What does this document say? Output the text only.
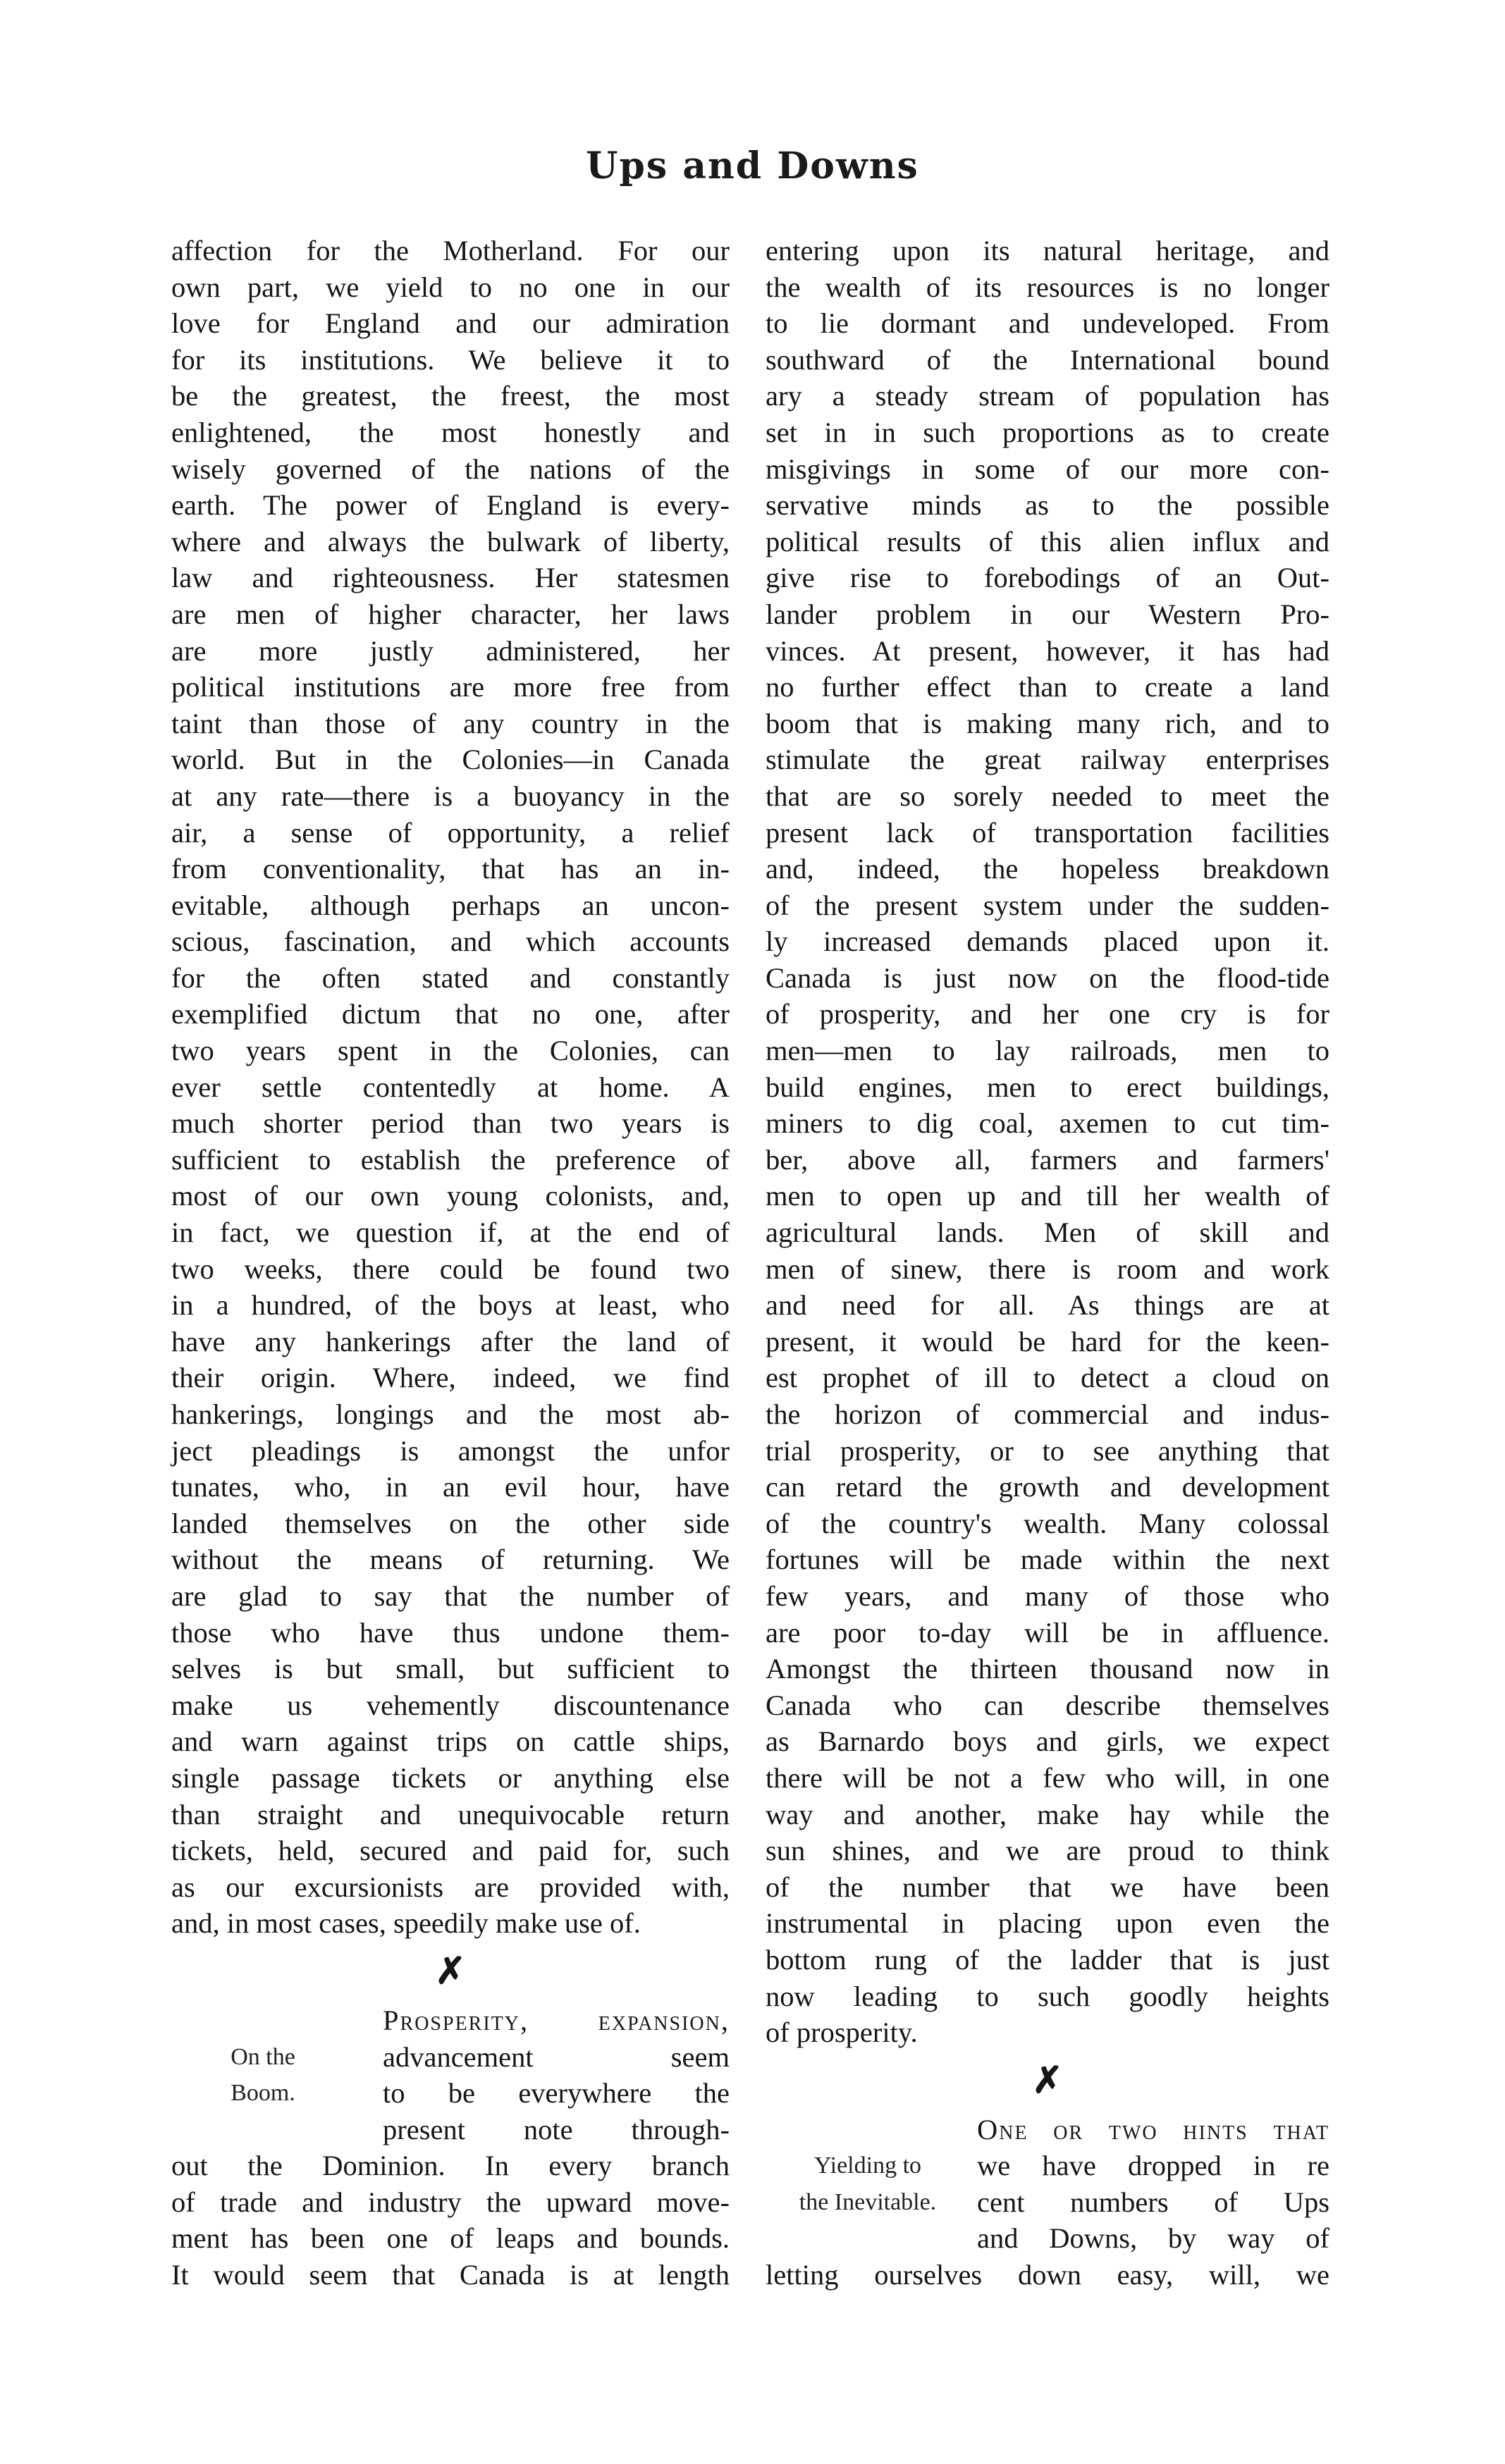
Ups and Downs
affection for the Motherland. For our
own part, we yield to no one in our
love for England and our admiration
for its institutions. We believe it to
be the greatest, the freest, the most
enlightened, the most honestly and
wisely governed of the nations of the
earth. The power of England is every-
where and always the bulwark of liberty,
law and righteousness. Her statesmen
are men of higher character, her laws
are more justly administered, her
political institutions are more free from
taint than those of any country in the
world. But in the Colonies—in Canada
at any rate—there is a buoyancy in the
air, a sense of opportunity, a relief
from conventionality, that has an in-
evitable, although perhaps an uncon-
scious, fascination, and which accounts
for the often stated and constantly
exemplified dictum that no one, after
two years spent in the Colonies, can
ever settle contentedly at home. A
much shorter period than two years is
sufficient to establish the preference of
most of our own young colonists, and,
in fact, we question if, at the end of
two weeks, there could be found two
in a hundred, of the boys at least, who
have any hankerings after the land of
their origin. Where, indeed, we find
hankerings, longings and the most ab-
ject pleadings is amongst the unfor
tunates, who, in an evil hour, have
landed themselves on the other side
without the means of returning. We
are glad to say that the number of
those who have thus undone them-
selves is but small, but sufficient to
make us vehemently discountenance
and warn against trips on cattle ships,
single passage tickets or anything else
than straight and unequivocable return
tickets, held, secured and paid for, such
as our excursionists are provided with,
and, in most cases, speedily make use of.
✗
On the
Boom.
Prosperity, expansion,
advancement seem
to be everywhere the
present note through-
out the Dominion. In every branch
of trade and industry the upward move-
ment has been one of leaps and bounds.
It would seem that Canada is at length
entering upon its natural heritage, and
the wealth of its resources is no longer
to lie dormant and undeveloped. From
southward of the International bound
ary a steady stream of population has
set in in such proportions as to create
misgivings in some of our more con-
servative minds as to the possible
political results of this alien influx and
give rise to forebodings of an Out-
lander problem in our Western Pro-
vinces. At present, however, it has had
no further effect than to create a land
boom that is making many rich, and to
stimulate the great railway enterprises
that are so sorely needed to meet the
present lack of transportation facilities
and, indeed, the hopeless breakdown
of the present system under the sudden-
ly increased demands placed upon it.
Canada is just now on the flood-tide
of prosperity, and her one cry is for
men—men to lay railroads, men to
build engines, men to erect buildings,
miners to dig coal, axemen to cut tim-
ber, above all, farmers and farmers'
men to open up and till her wealth of
agricultural lands. Men of skill and
men of sinew, there is room and work
and need for all. As things are at
present, it would be hard for the keen-
est prophet of ill to detect a cloud on
the horizon of commercial and indus-
trial prosperity, or to see anything that
can retard the growth and development
of the country's wealth. Many colossal
fortunes will be made within the next
few years, and many of those who
are poor to-day will be in affluence.
Amongst the thirteen thousand now in
Canada who can describe themselves
as Barnardo boys and girls, we expect
there will be not a few who will, in one
way and another, make hay while the
sun shines, and we are proud to think
of the number that we have been
instrumental in placing upon even the
bottom rung of the ladder that is just
now leading to such goodly heights
of prosperity.
✗
Yielding to
the Inevitable.
One or two hints that
we have dropped in re
cent numbers of Ups
and Downs, by way of
letting ourselves down easy, will, we
